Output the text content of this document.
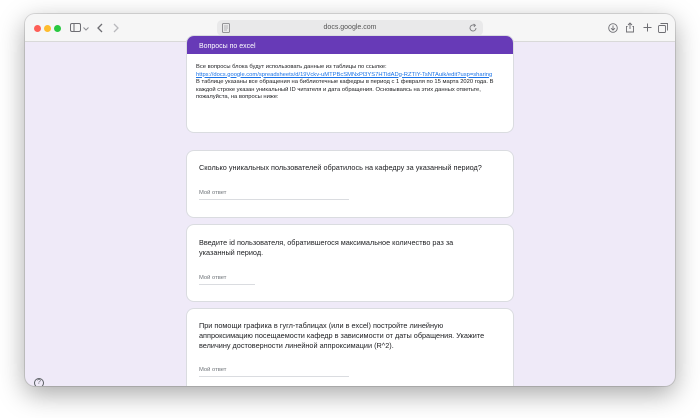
docs.google.com
Вопросы по excel
Все вопросы блока будут использовать данные из таблицы по ссылке:
https://docs.google.com/spreadsheets/d/19Vckv-uMTPBcSMNxPl3YS7HTldADg-RZTIY-TsNTAuik/edit?usp=sharing
В таблице указаны все обращения на библиотечные кафедры в период с 1 февраля по 15 марта 2020 года. В каждой строке указан уникальный ID читателя и дата обращения. Основываясь на этих данных ответьте, пожалуйста, на вопросы ниже:
Сколько уникальных пользователей обратилось на кафедру за указанный период?
Мой ответ
Введите id пользователя, обратившегося максимальное количество раз за указанный период.
Мой ответ
При помощи графика в гугл-таблицах (или в excel) постройте линейную аппроксимацию посещаемости кафедр в зависимости от даты обращения. Укажите величину достоверности линейной аппроксимации (R^2).
Мой ответ
?
